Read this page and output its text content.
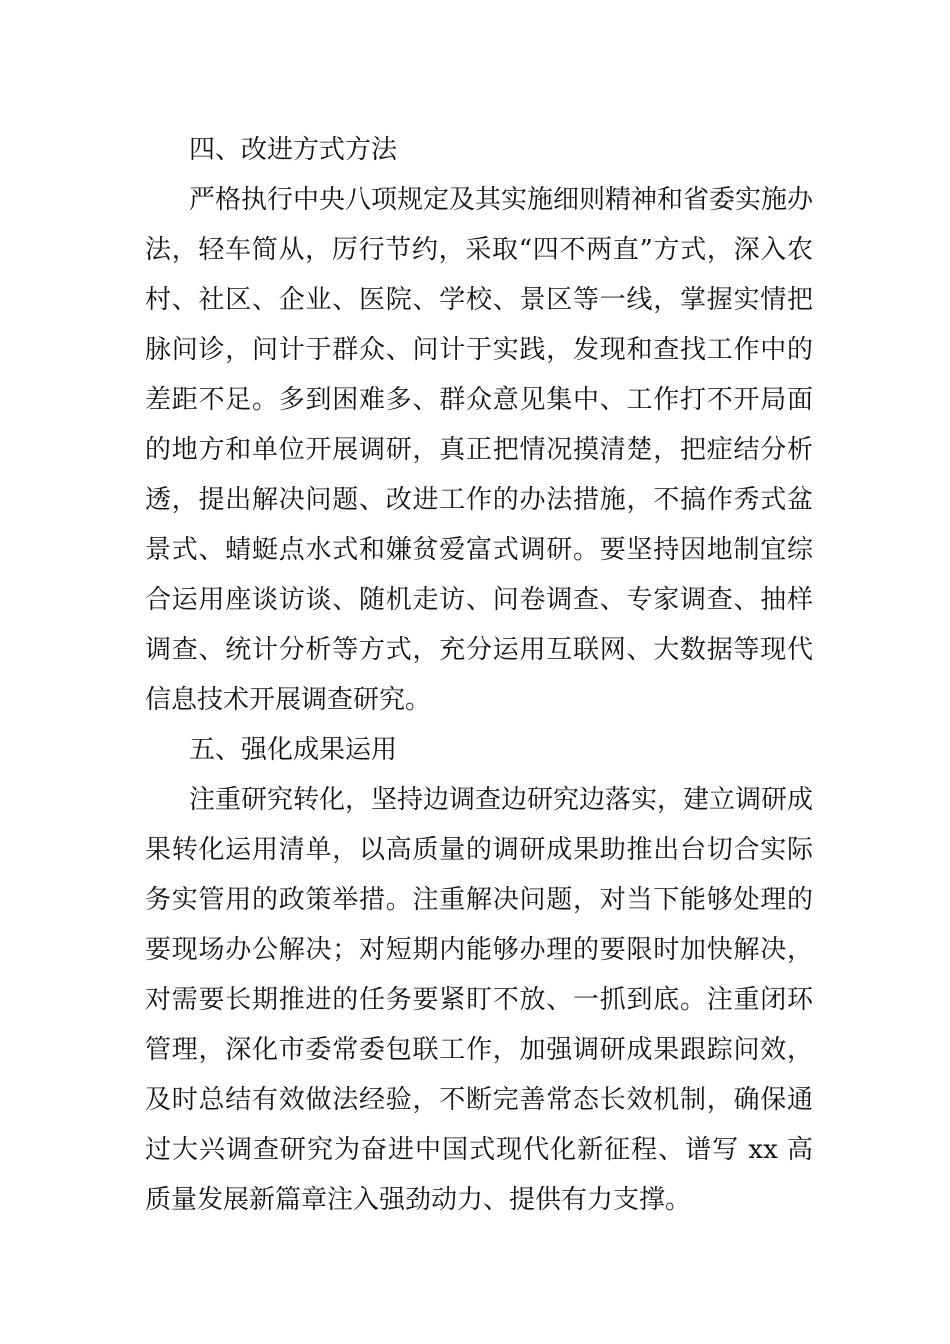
四、改进方式方法

严格执行中央八项规定及其实施细则精神和省委实施办法，轻车简从，厉行节约，采取“四不两直”方式，深入农村、社区、企业、医院、学校、景区等一线，掌握实情把脉问诊，问计于群众、问计于实践，发现和查找工作中的差距不足。多到困难多、群众意见集中、工作打不开局面的地方和单位开展调研，真正把情况摸清楚，把症结分析透，提出解决问题、改进工作的办法措施，不搞作秀式盆景式、蜻蜓点水式和嫌贫爱富式调研。要坚持因地制宜综合运用座谈访谈、随机走访、问卷调查、专家调查、抽样调查、统计分析等方式，充分运用互联网、大数据等现代信息技术开展调查研究。

五、强化成果运用

注重研究转化，坚持边调查边研究边落实，建立调研成果转化运用清单，以高质量的调研成果助推出台切合实际务实管用的政策举措。注重解决问题，对当下能够处理的要现场办公解决；对短期内能够办理的要限时加快解决，对需要长期推进的任务要紧盯不放、一抓到底。注重闭环管理，深化市委常委包联工作，加强调研成果跟踪问效，及时总结有效做法经验，不断完善常态长效机制，确保通过大兴调查研究为奋进中国式现代化新征程、谱写 xx 高质量发展新篇章注入强劲动力、提供有力支撑。
